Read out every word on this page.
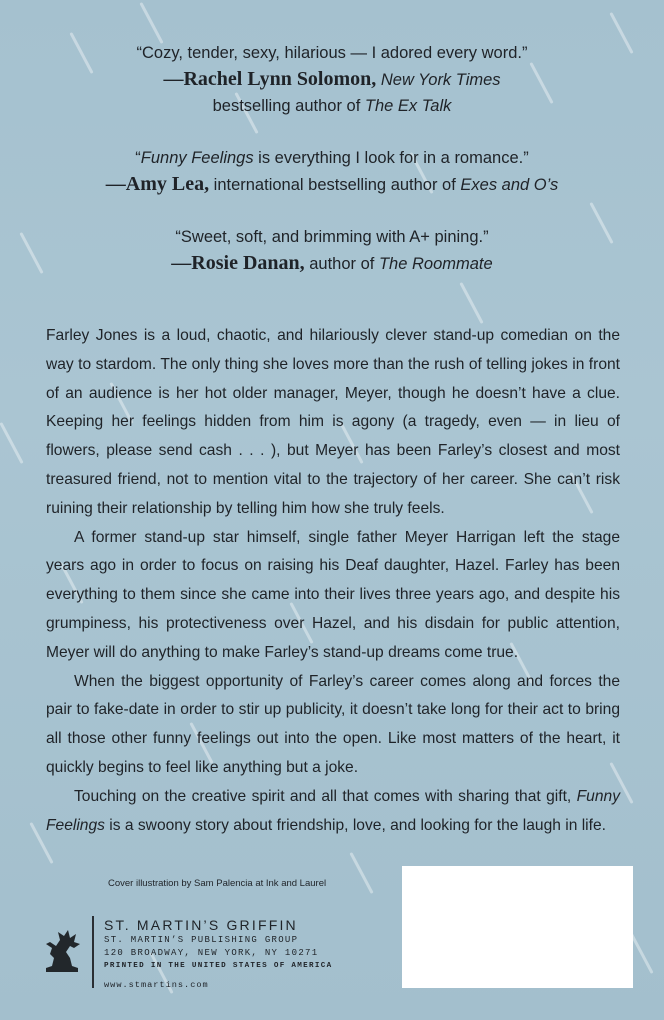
“Cozy, tender, sexy, hilarious — I adored every word.”
—Rachel Lynn Solomon, New York Times
bestselling author of The Ex Talk
“Funny Feelings is everything I look for in a romance.”
—Amy Lea, international bestselling author of Exes and O’s
“Sweet, soft, and brimming with A+ pining.”
—Rosie Danan, author of The Roommate

Farley Jones is a loud, chaotic, and hilariously clever stand-up comedian on the way to stardom. The only thing she loves more than the rush of telling jokes in front of an audience is her hot older manager, Meyer, though he doesn’t have a clue. Keeping her feelings hidden from him is agony (a tragedy, even — in lieu of flowers, please send cash . . . ), but Meyer has been Farley’s closest and most treasured friend, not to mention vital to the trajectory of her career. She can’t risk ruining their relationship by telling him how she truly feels.

A former stand-up star himself, single father Meyer Harrigan left the stage years ago in order to focus on raising his Deaf daughter, Hazel. Farley has been everything to them since she came into their lives three years ago, and despite his grumpiness, his protectiveness over Hazel, and his disdain for public attention, Meyer will do anything to make Farley’s stand-up dreams come true.

When the biggest opportunity of Farley’s career comes along and forces the pair to fake-date in order to stir up publicity, it doesn’t take long for their act to bring all those other funny feelings out into the open. Like most matters of the heart, it quickly begins to feel like anything but a joke.

Touching on the creative spirit and all that comes with sharing that gift, Funny Feelings is a swoony story about friendship, love, and looking for the laugh in life.

Cover illustration by Sam Palencia at Ink and Laurel
ST. MARTIN’S GRIFFIN
ST. MARTIN’S PUBLISHING GROUP
120 BROADWAY, NEW YORK, NY 10271
PRINTED IN THE UNITED STATES OF AMERICA
www.stmartins.com
